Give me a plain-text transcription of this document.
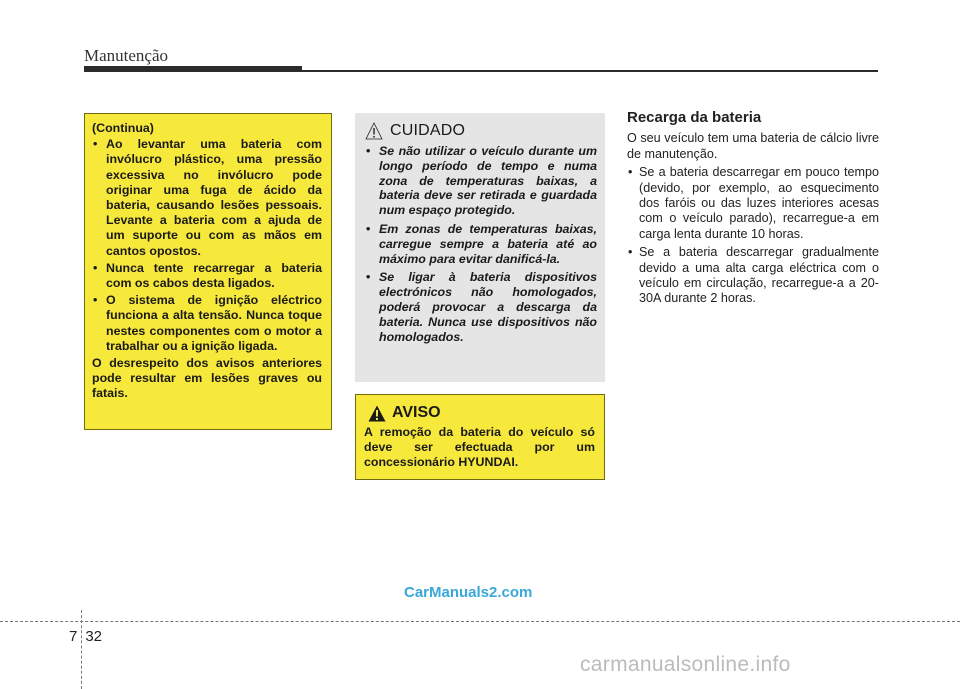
Manutenção
(Continua)
• Ao levantar uma bateria com invólucro plástico, uma pressão excessiva no invólucro pode originar uma fuga de ácido da bateria, causando lesões pessoais. Levante a bateria com a ajuda de um suporte ou com as mãos em cantos opostos.
• Nunca tente recarregar a bateria com os cabos desta ligados.
• O sistema de ignição eléctrico funciona a alta tensão. Nunca toque nestes componentes com o motor a trabalhar ou a ignição ligada.
O desrespeito dos avisos anteriores pode resultar em lesões graves ou fatais.
CUIDADO
• Se não utilizar o veículo durante um longo período de tempo e numa zona de temperaturas baixas, a bateria deve ser retirada e guardada num espaço protegido.
• Em zonas de temperaturas baixas, carregue sempre a bateria até ao máximo para evitar danificá-la.
• Se ligar à bateria dispositivos electrónicos não homologados, poderá provocar a descarga da bateria. Nunca use dispositivos não homologados.
AVISO
A remoção da bateria do veículo só deve ser efectuada por um concessionário HYUNDAI.
Recarga da bateria

O seu veículo tem uma bateria de cálcio livre de manutenção.

• Se a bateria descarregar em pouco tempo (devido, por exemplo, ao esquecimento dos faróis ou das luzes interiores acesas com o veículo parado), recarregue-a em carga lenta durante 10 horas.
• Se a bateria descarregar gradualmente devido a uma alta carga eléctrica com o veículo em circulação, recarregue-a a 20-30A durante 2 horas.
CarManuals2.com
7 32
carmanualsonline.info
